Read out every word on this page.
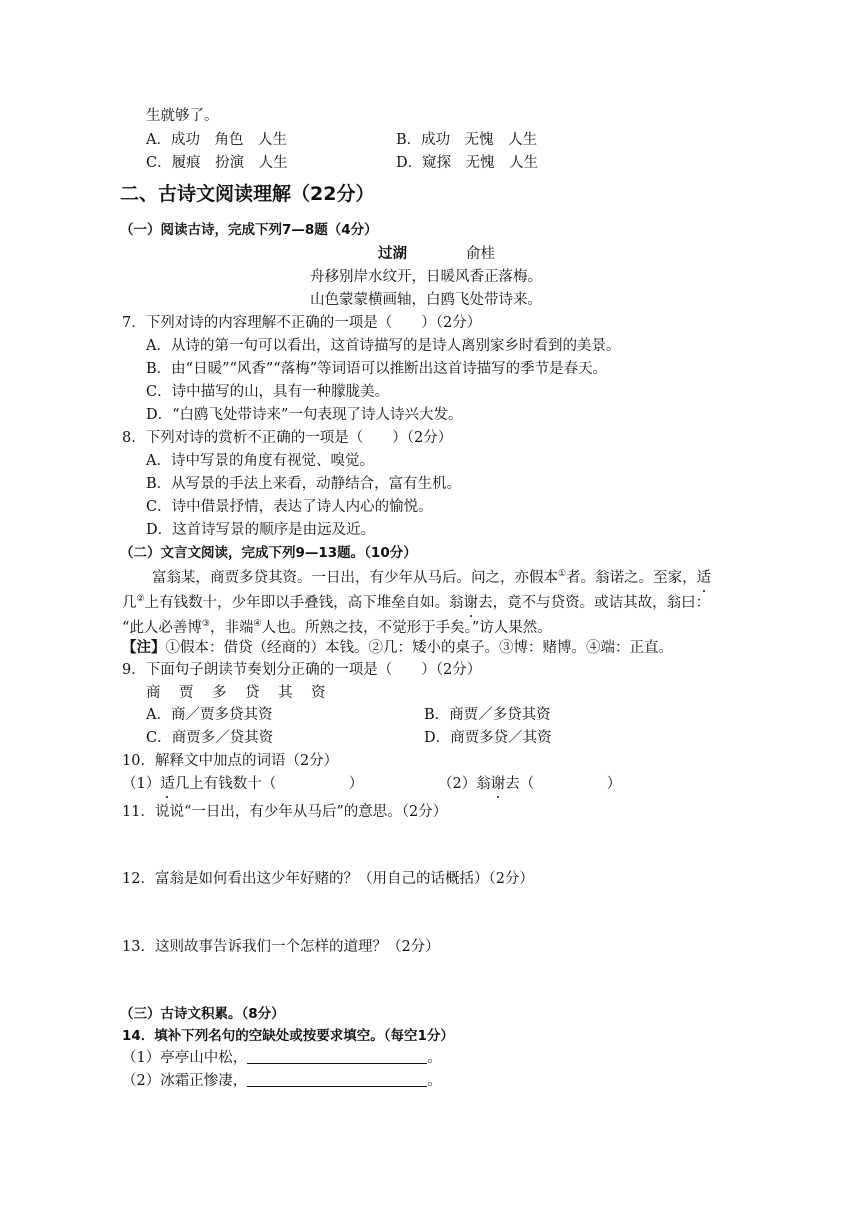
生就够了。
A．成功　角色　人生	B．成功　无愧　人生
C．履痕　扮演　人生	D．窥探　无愧　人生
二、古诗文阅读理解（22分）
（一）阅读古诗，完成下列7—8题（4分）
过湖	俞桂
舟移别岸水纹开，日暖风香正落梅。
山色蒙蒙横画轴，白鸥飞处带诗来。
7．下列对诗的内容理解不正确的一项是（　　）（2分）
A．从诗的第一句可以看出，这首诗描写的是诗人离别家乡时看到的美景。
B．由“日暖”“风香”“落梅”等词语可以推断出这首诗描写的季节是春天。
C．诗中描写的山，具有一种朦胧美。
D．“白鸥飞处带诗来”一句表现了诗人诗兴大发。
8．下列对诗的赏析不正确的一项是（　　）（2分）
A．诗中写景的角度有视觉、嗅觉。
B．从写景的手法上来看，动静结合，富有生机。
C．诗中借景抒情，表达了诗人内心的愉悦。
D．这首诗写景的顺序是由远及近。
（二）文言文阅读，完成下列9—13题。（10分）
富翁某，商贾多贷其资。一日出，有少年从马后。问之，亦假本①者。翁诺之。至家，适
几②上有钱数十，少年即以手叠钱，高下堆垒自如。翁谢去，竟不与贷资。或诘其故，翁曰：
“此人必善博③，非端④人也。所熟之技，不觉形于手矣。”访人果然。
【注】①假本：借贷（经商的）本钱。②几：矮小的桌子。③博：赌博。④端：正直。
9．下面句子朗读节奏划分正确的一项是（　　）（2分）
商 贾 多 贷 其 资
A．商／贾多贷其资	B．商贾／多贷其资
C．商贾多／贷其资	D．商贾多贷／其资
10．解释文中加点的词语（2分）
（1）适几上有钱数十（　　　　　）	（2）翁谢去（　　　　　）
11．说说“一日出，有少年从马后”的意思。（2分）
12．富翁是如何看出这少年好赌的？（用自己的话概括）（2分）
13．这则故事告诉我们一个怎样的道理？（2分）
（三）古诗文积累。（8分）
14．填补下列名句的空缺处或按要求填空。（每空1分）
（1）亭亭山中松，	。
（2）冰霜正惨凄，	。
